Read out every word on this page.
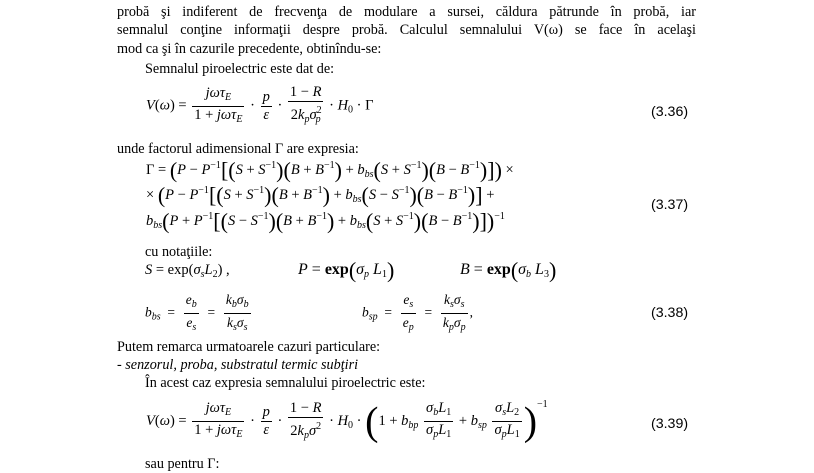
probă şi indiferent de frecvenţa de modulare a sursei, căldura pătrunde în probă, iar
semnalul conţine informaţii despre probă. Calculul semnalului V(ω) se face în acelaşi
mod ca şi în cazurile precedente, obtinîndu-se:
Semnalul piroelectric este dat de:
$V(\omega) = \frac{j\omega\tau_E}{1 + j\omega\tau_E} \cdot \frac{p}{\varepsilon} \cdot \frac{1 - R}{2k_p\sigma^2_p} \cdot H_0 \cdot \Gamma$	(3.36)
unde factorul adimensional Γ are expresia:
$\Gamma = (P - P^{-1}[(S + S^{-1})(B + B^{-1}) + b_{bs}(S + S^{-1})(B - B^{-1})])$ ×
× ($P - P^{-1}[(S + S^{-1})(B + B^{-1}) + b_{bs}(S - S^{-1})(B - B^{-1})]$ +
$b_{bs}(P + P^{-1}[(S - S^{-1})(B + B^{-1}) + b_{bs}(S + S^{-1})(B - B^{-1})])^{-1}$
(3.37)
cu notaţiile:
$S = \exp(\sigma_sL_2)$ ,	$P = \exp(\sigma_p$ $L_1$)	$B = \exp(\sigma_b$ $L_3$)
$b_{bs} = \frac{e_b}{e_s} = \frac{k_b\sigma_b}{k_s\sigma_s}$	$b_{sp} = \frac{e_s}{e_p} = \frac{k_s\sigma_s}{k_p\sigma_p}$ ,	(3.38)
Putem remarca urmatoarele cazuri particulare:
- senzorul, proba, substratul termic subţiri
În acest caz expresia semnalului piroelectric este:
$V(\omega) = \frac{j\omega\tau_E}{1 + j\omega\tau_E} \cdot \frac{p}{\varepsilon} \cdot \frac{1 - R}{2k_p\sigma^2} \cdot H_0 \cdot (1 + b_{bp} \frac{\sigma_bL_1}{\sigma_pL_1} + b_{sp} \frac{\sigma_sL_2}{\sigma_pL_1} )^{-1}$
(3.39)
sau pentru Γ:
